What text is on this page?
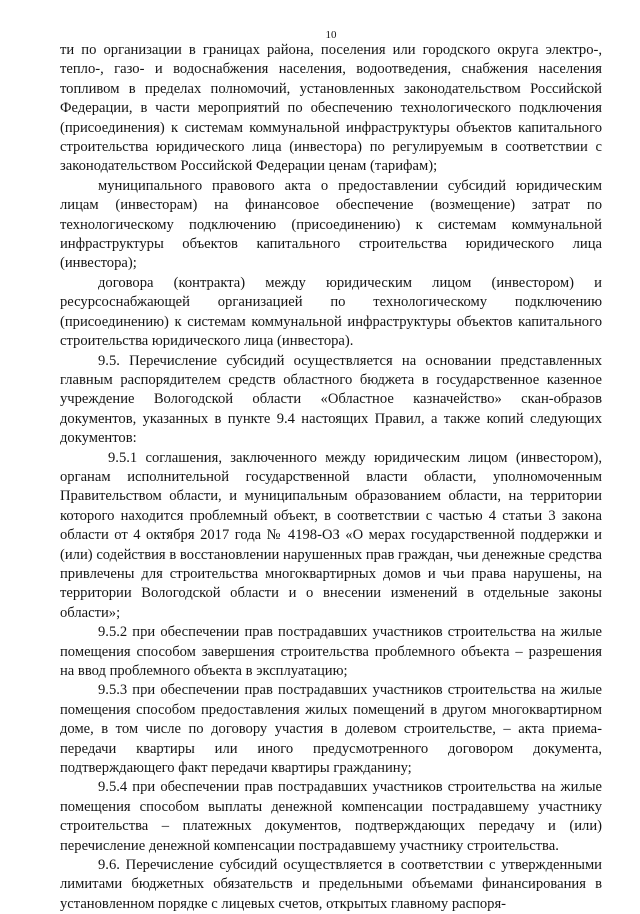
10

ти по организации в границах района, поселения или городского округа электро-, тепло-, газо- и водоснабжения населения, водоотведения, снабжения населения топливом в пределах полномочий, установленных законодательством Российской Федерации, в части мероприятий по обеспечению технологического подключения (присоединения) к системам коммунальной инфраструктуры объектов капитального строительства юридического лица (инвестора) по регулируемым в соответствии с законодательством Российской Федерации ценам (тарифам);

муниципального правового акта о предоставлении субсидий юридическим лицам (инвесторам) на финансовое обеспечение (возмещение) затрат по технологическому подключению (присоединению) к системам коммунальной инфраструктуры объектов капитального строительства юридического лица (инвестора);

договора (контракта) между юридическим лицом (инвестором) и ресурсоснабжающей организацией по технологическому подключению (присоединению) к системам коммунальной инфраструктуры объектов капитального строительства юридического лица (инвестора).

9.5. Перечисление субсидий осуществляется на основании представленных главным распорядителем средств областного бюджета в государственное казенное учреждение Вологодской области «Областное казначейство» скан-образов документов, указанных в пункте 9.4 настоящих Правил, а также копий следующих документов:

9.5.1 соглашения, заключенного между юридическим лицом (инвестором), органам исполнительной государственной власти области, уполномоченным Правительством области, и муниципальным образованием области, на территории которого находится проблемный объект, в соответствии с частью 4 статьи 3 закона области от 4 октября 2017 года № 4198-ОЗ «О мерах государственной поддержки и (или) содействия в восстановлении нарушенных прав граждан, чьи денежные средства привлечены для строительства многоквартирных домов и чьи права нарушены, на территории Вологодской области и о внесении изменений в отдельные законы области»;

9.5.2 при обеспечении прав пострадавших участников строительства на жилые помещения способом завершения строительства проблемного объекта – разрешения на ввод проблемного объекта в эксплуатацию;

9.5.3 при обеспечении прав пострадавших участников строительства на жилые помещения способом предоставления жилых помещений в другом многоквартирном доме, в том числе по договору участия в долевом строительстве, – акта приема-передачи квартиры или иного предусмотренного договором документа, подтверждающего факт передачи квартиры гражданину;

9.5.4 при обеспечении прав пострадавших участников строительства на жилые помещения способом выплаты денежной компенсации пострадавшему участнику строительства – платежных документов, подтверждающих передачу и (или) перечисление денежной компенсации пострадавшему участнику строительства.

9.6. Перечисление субсидий осуществляется в соответствии с утвержденными лимитами бюджетных обязательств и предельными объемами финансирования в установленном порядке с лицевых счетов, открытых главному распоря-
